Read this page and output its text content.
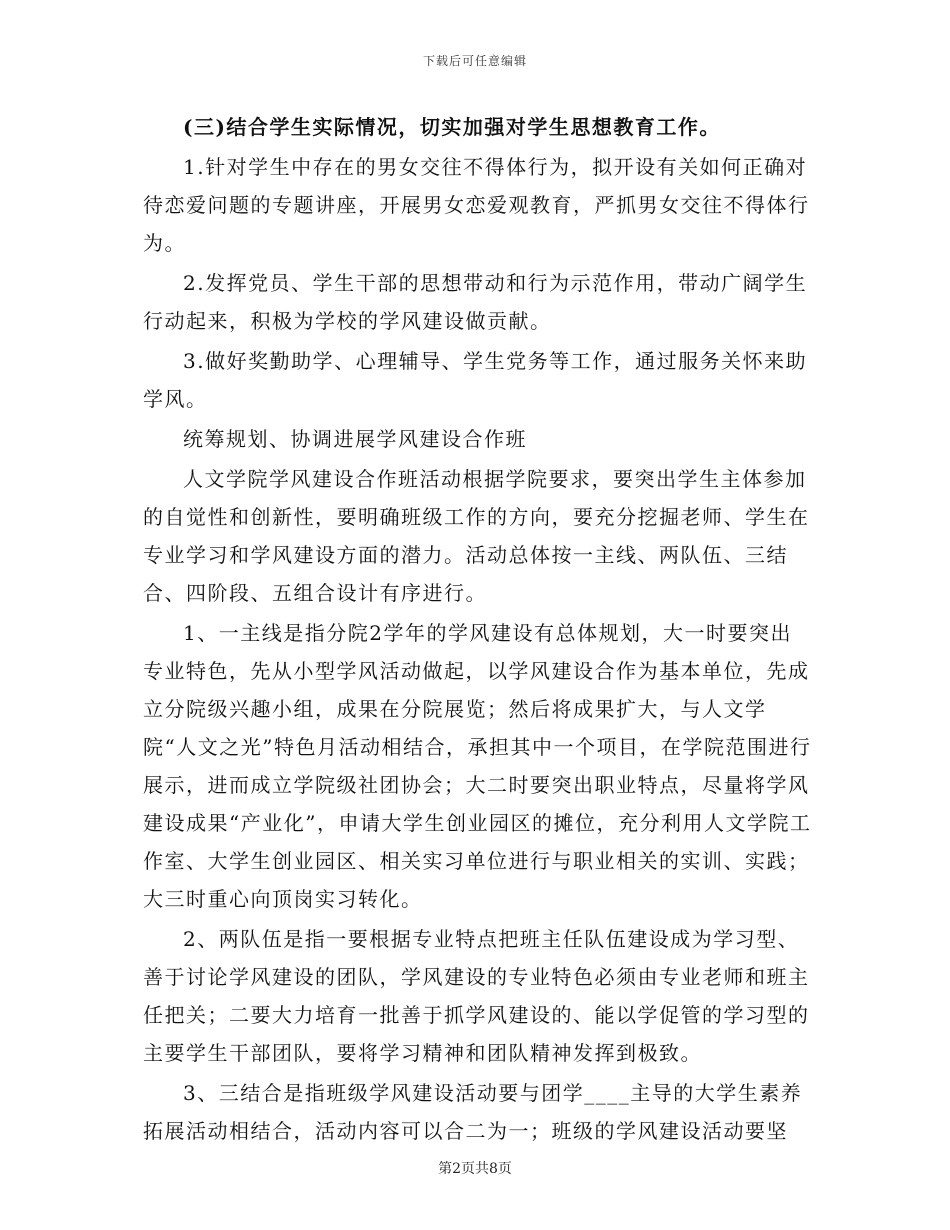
下载后可任意编辑

(三)结合学生实际情况，切实加强对学生思想教育工作。

1.针对学生中存在的男女交往不得体行为，拟开设有关如何正确对待恋爱问题的专题讲座，开展男女恋爱观教育，严抓男女交往不得体行为。

2.发挥党员、学生干部的思想带动和行为示范作用，带动广阔学生行动起来，积极为学校的学风建设做贡献。

3.做好奖勤助学、心理辅导、学生党务等工作，通过服务关怀来助学风。

统筹规划、协调进展学风建设合作班

人文学院学风建设合作班活动根据学院要求，要突出学生主体参加的自觉性和创新性，要明确班级工作的方向，要充分挖掘老师、学生在专业学习和学风建设方面的潜力。活动总体按一主线、两队伍、三结合、四阶段、五组合设计有序进行。

1、一主线是指分院2学年的学风建设有总体规划，大一时要突出专业特色，先从小型学风活动做起，以学风建设合作为基本单位，先成立分院级兴趣小组，成果在分院展览；然后将成果扩大，与人文学院“人文之光”特色月活动相结合，承担其中一个项目，在学院范围进行展示，进而成立学院级社团协会；大二时要突出职业特点，尽量将学风建设成果“产业化”，申请大学生创业园区的摊位，充分利用人文学院工作室、大学生创业园区、相关实习单位进行与职业相关的实训、实践；大三时重心向顶岗实习转化。

2、两队伍是指一要根据专业特点把班主任队伍建设成为学习型、善于讨论学风建设的团队，学风建设的专业特色必须由专业老师和班主任把关；二要大力培育一批善于抓学风建设的、能以学促管的学习型的主要学生干部团队，要将学习精神和团队精神发挥到极致。

3、三结合是指班级学风建设活动要与团学____主导的大学生素养拓展活动相结合，活动内容可以合二为一；班级的学风建设活动要坚

第2页共8页
